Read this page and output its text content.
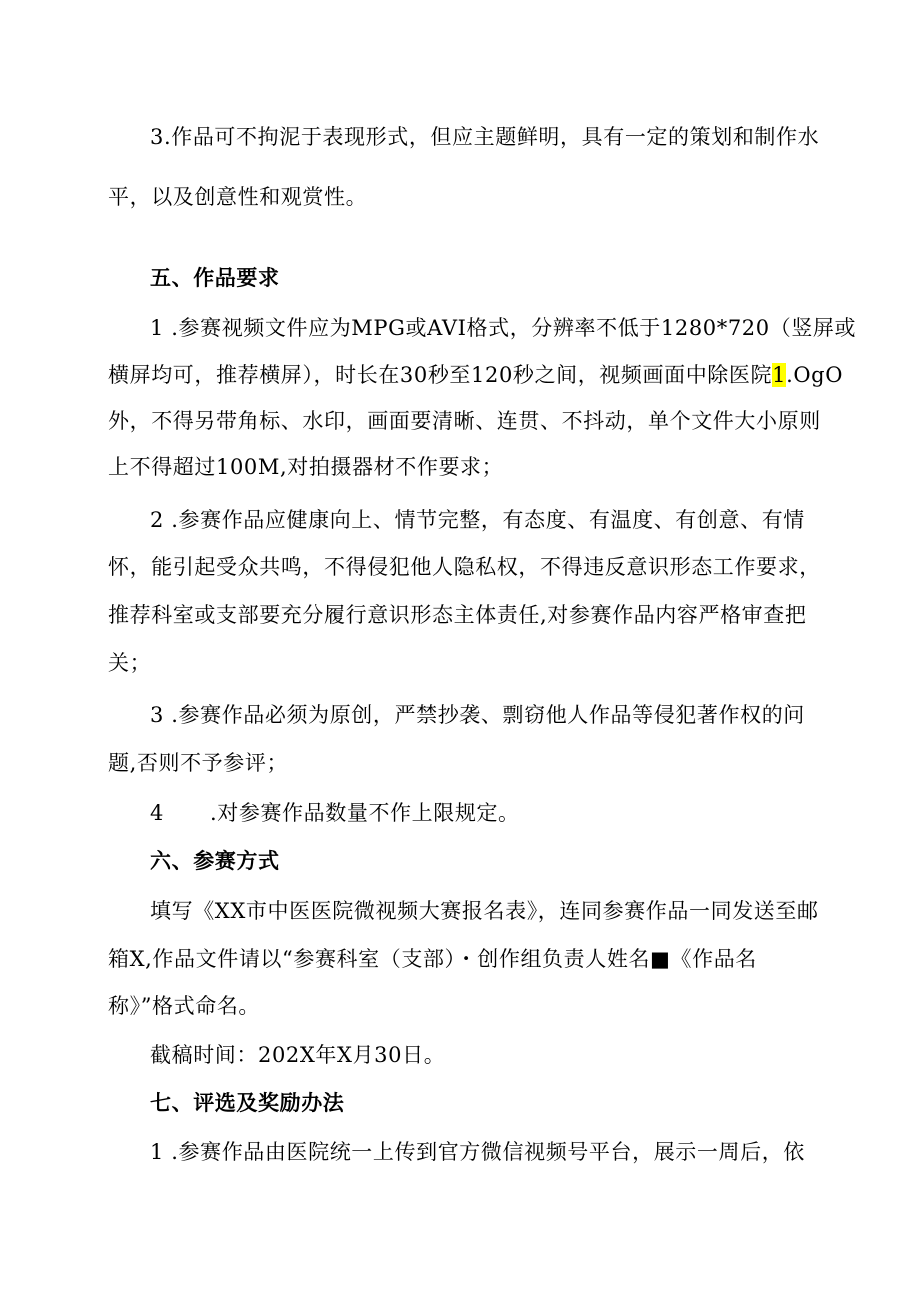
3.作品可不拘泥于表现形式，但应主题鲜明，具有一定的策划和制作水
平，以及创意性和观赏性。
五、作品要求
1 .参赛视频文件应为MPG或AVI格式，分辨率不低于1280*720（竖屏或
横屏均可，推荐横屏），时长在30秒至120秒之间，视频画面中除医院1.OgO
外，不得另带角标、水印，画面要清晰、连贯、不抖动，单个文件大小原则
上不得超过100M,对拍摄器材不作要求；
2 .参赛作品应健康向上、情节完整，有态度、有温度、有创意、有情
怀，能引起受众共鸣，不得侵犯他人隐私权，不得违反意识形态工作要求，
推荐科室或支部要充分履行意识形态主体责任,对参赛作品内容严格审查把
关；
3 .参赛作品必须为原创，严禁抄袭、剽窃他人作品等侵犯著作权的问
题,否则不予参评；
4 .对参赛作品数量不作上限规定。
六、参赛方式
填写《XX市中医医院微视频大赛报名表》，连同参赛作品一同发送至邮
箱X,作品文件请以“参赛科室（支部）・创作组负责人姓名■《作品名
称》”格式命名。
截稿时间：202X年X月30日。
七、评选及奖励办法
1 .参赛作品由医院统一上传到官方微信视频号平台，展示一周后，依
